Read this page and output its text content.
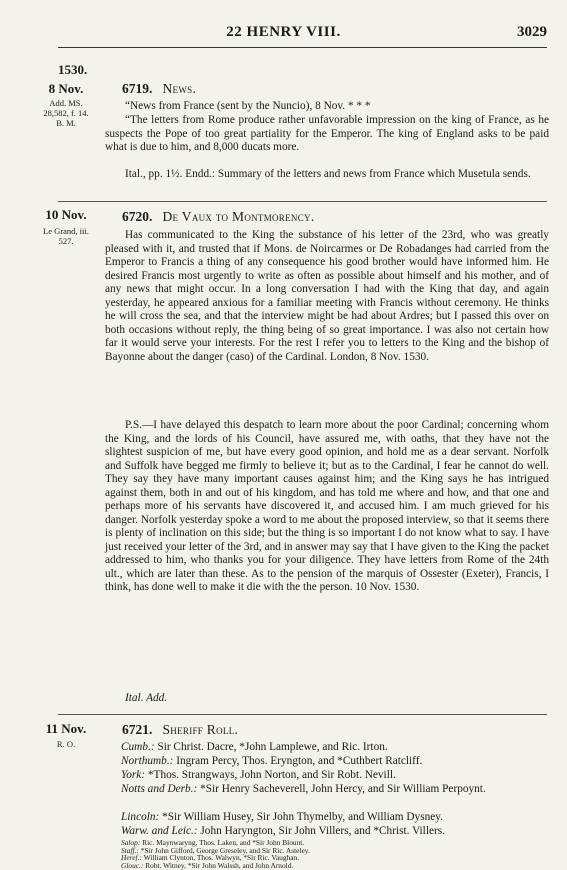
22 HENRY VIII.	3029
1530.
8 Nov.
Add. MS.
28,582, f. 14.
B. M.
6719. News.
“News from France (sent by the Nuncio), 8 Nov. * * *
“The letters from Rome produce rather unfavorable impression on the king of France, as he suspects the Pope of too great partiality for the Emperor. The king of England asks to be paid what is due to him, and 8,000 ducats more.
Ital., pp. 1½. Endd.: Summary of the letters and news from France which Musetula sends.
10 Nov.
Le Grand, iii.
527.
6720. De Vaux to Montmorency.
Has communicated to the King the substance of his letter of the 23rd, who was greatly pleased with it, and trusted that if Mons. de Noircarmes or De Robadanges had carried from the Emperor to Francis a thing of any consequence his good brother would have informed him. He desired Francis most urgently to write as often as possible about himself and his mother, and of any news that might occur. In a long conversation I had with the King that day, and again yesterday, he appeared anxious for a familiar meeting with Francis without ceremony. He thinks he will cross the sea, and that the interview might be had about Ardres; but I passed this over on both occasions without reply, the thing being of so great importance. I was also not certain how far it would serve your interests. For the rest I refer you to letters to the King and the bishop of Bayonne about the danger (caso) of the Cardinal. London, 8 Nov. 1530.
P.S.—I have delayed this despatch to learn more about the poor Cardinal; concerning whom the King, and the lords of his Council, have assured me, with oaths, that they have not the slightest suspicion of me, but have every good opinion, and hold me as a dear servant. Norfolk and Suffolk have begged me firmly to believe it; but as to the Cardinal, I fear he cannot do well. They say they have many important causes against him; and the King says he has intrigued against them, both in and out of his kingdom, and has told me where and how, and that one and perhaps more of his servants have discovered it, and accused him. I am much grieved for his danger. Norfolk yesterday spoke a word to me about the proposed interview, so that it seems there is plenty of inclination on this side; but the thing is so important I do not know what to say. I have just received your letter of the 3rd, and in answer may say that I have given to the King the packet addressed to him, who thanks you for your diligence. They have letters from Rome of the 24th ult., which are later than these. As to the pension of the marquis of Ossester (Exeter), Francis, I think, has done well to make it die with the the person. 10 Nov. 1530.
Ital. Add.
11 Nov.
R. O.
6721. Sheriff Roll.
Cumb.: Sir Christ. Dacre, *John Lamplewe, and Ric. Irton.
Northumb.: Ingram Percy, Thos. Eryngton, and *Cuthbert Ratcliff.
York: *Thos. Strangways, John Norton, and Sir Robt. Nevill.
Notts and Derb.: *Sir Henry Sacheverell, John Hercy, and Sir William Perpoynt.
Lincoln: *Sir William Husey, Sir John Thymelby, and William Dysney.
Warw. and Leic.: John Haryngton, Sir John Villers, and *Christ. Villers.
Salop: Ric. Maynwaryng, Thos. Laken, and *Sir John Blount.
Staff.: *Sir John Gifford, George Greseley, and Sir Ric. Asteley.
Heref.: William Clynton, Thos. Walwyn, *Sir Ric. Vaughan.
Glouc.: Robt. Witney, *Sir John Walssh, and John Arnold.
